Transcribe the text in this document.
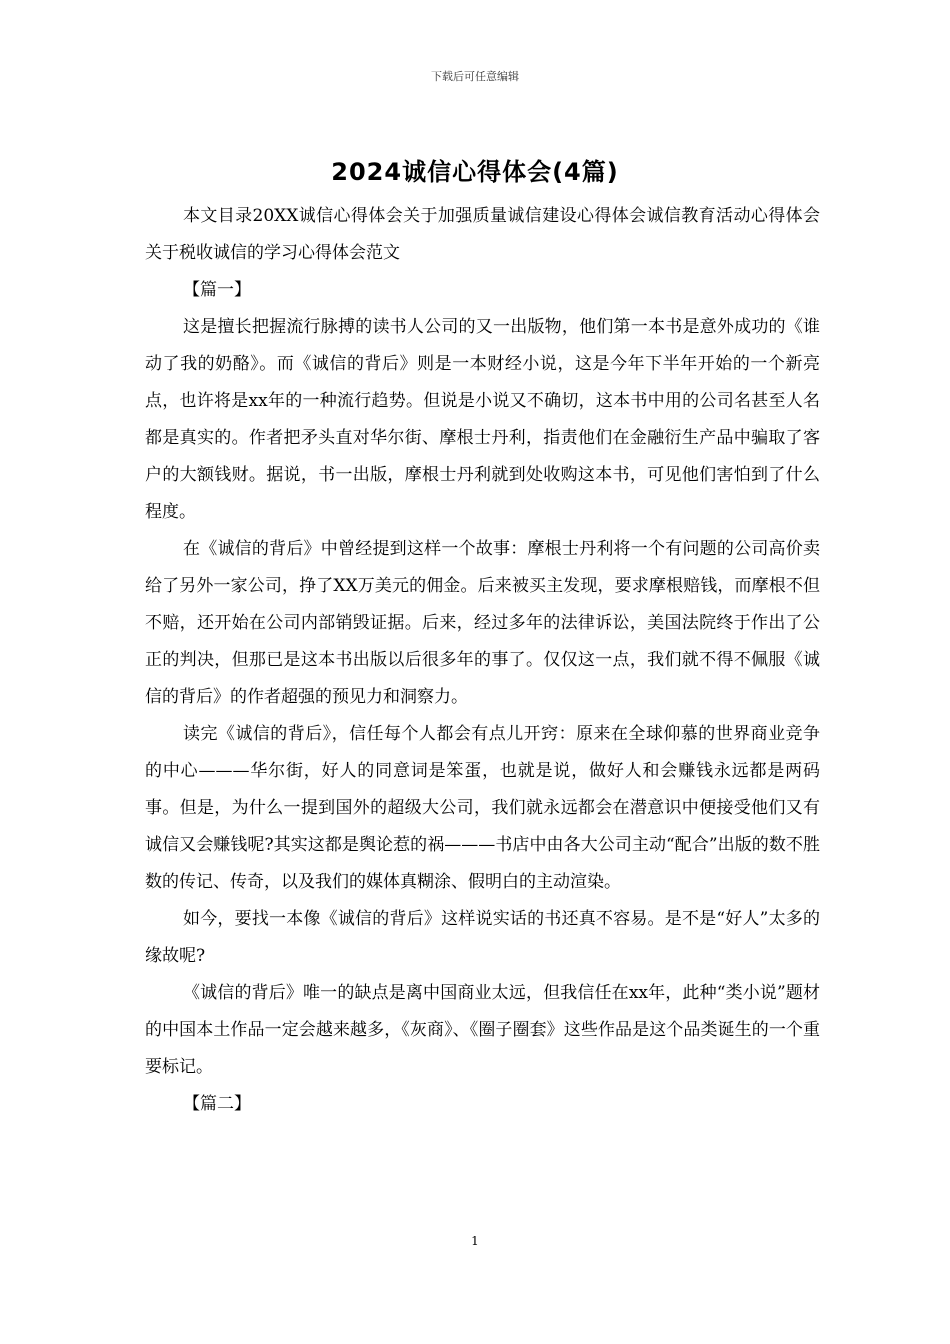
下载后可任意编辑
2024诚信心得体会(4篇)

本文目录20XX诚信心得体会关于加强质量诚信建设心得体会诚信教育活动心得体会关于税收诚信的学习心得体会范文

【篇一】

这是擅长把握流行脉搏的读书人公司的又一出版物，他们第一本书是意外成功的《谁动了我的奶酪》。而《诚信的背后》则是一本财经小说，这是今年下半年开始的一个新亮点，也许将是xx年的一种流行趋势。但说是小说又不确切，这本书中用的公司名甚至人名都是真实的。作者把矛头直对华尔街、摩根士丹利，指责他们在金融衍生产品中骗取了客户的大额钱财。据说，书一出版，摩根士丹利就到处收购这本书，可见他们害怕到了什么程度。

在《诚信的背后》中曾经提到这样一个故事：摩根士丹利将一个有问题的公司高价卖给了另外一家公司，挣了XX万美元的佣金。后来被买主发现，要求摩根赔钱，而摩根不但不赔，还开始在公司内部销毁证据。后来，经过多年的法律诉讼，美国法院终于作出了公正的判决，但那已是这本书出版以后很多年的事了。仅仅这一点，我们就不得不佩服《诚信的背后》的作者超强的预见力和洞察力。

读完《诚信的背后》，信任每个人都会有点儿开窍：原来在全球仰慕的世界商业竞争的中心———华尔街，好人的同意词是笨蛋，也就是说，做好人和会赚钱永远都是两码事。但是，为什么一提到国外的超级大公司，我们就永远都会在潜意识中便接受他们又有诚信又会赚钱呢?其实这都是舆论惹的祸———书店中由各大公司主动“配合”出版的数不胜数的传记、传奇，以及我们的媒体真糊涂、假明白的主动渲染。

如今，要找一本像《诚信的背后》这样说实话的书还真不容易。是不是“好人”太多的缘故呢?

《诚信的背后》唯一的缺点是离中国商业太远，但我信任在xx年，此种“类小说”题材的中国本土作品一定会越来越多，《灰商》、《圈子圈套》这些作品是这个品类诞生的一个重要标记。

【篇二】

1
